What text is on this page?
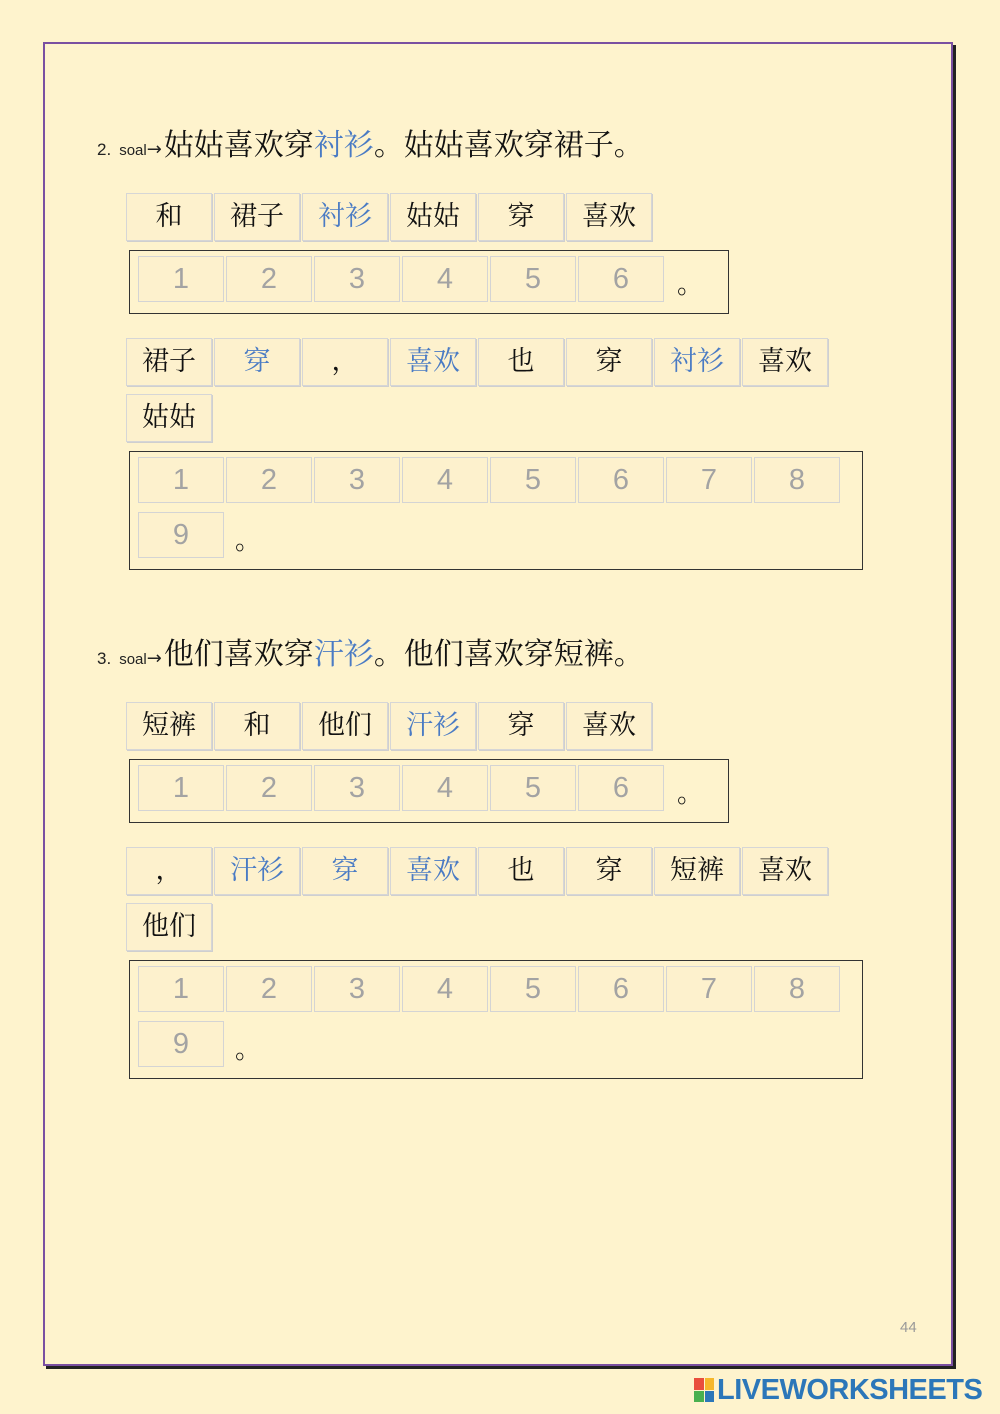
2. soal→姑姑喜欢穿衬衫。姑姑喜欢穿裙子。
和	裙子	衬衫	姑姑	穿	喜欢
1	2	3	4	5	6	。
裙子	穿	，	喜欢	也	穿	衬衫	喜欢
姑姑
1	2	3	4	5	6	7	8
9	。
3. soal→他们喜欢穿汗衫。他们喜欢穿短裤。
短裤	和	他们	汗衫	穿	喜欢
1	2	3	4	5	6	。
，	汗衫	穿	喜欢	也	穿	短裤	喜欢
他们
1	2	3	4	5	6	7	8
9	。
44
LIVEWORKSHEETS
